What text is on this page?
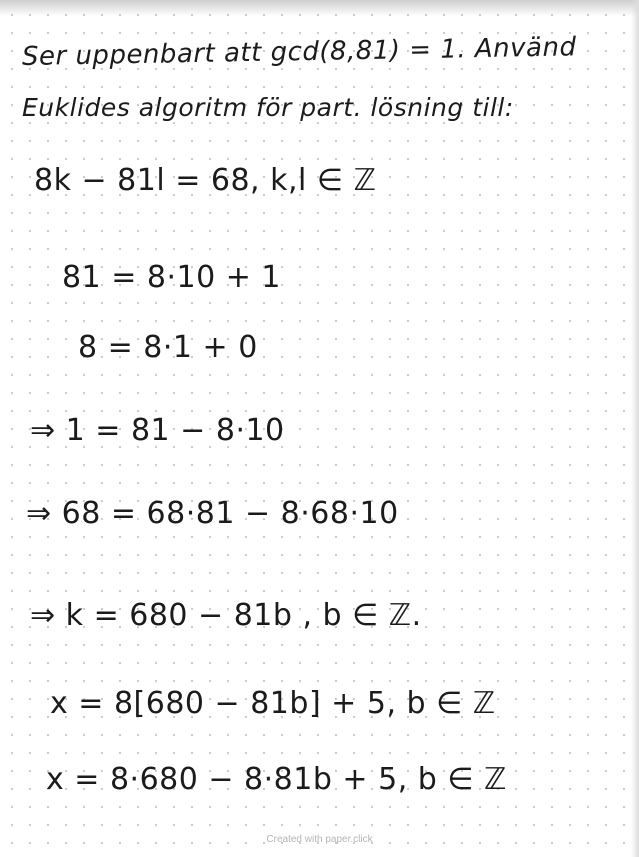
Ser uppenbart att gcd(8,81) = 1. Använd
Euklides algoritm för part. lösning till:
8k − 81l = 68, k,l ∈ ℤ
81 = 8·10 + 1
8 = 8·1 + 0
⇒ 1 = 81 − 8·10
⇒ 68 = 68·81 − 8·68·10
⇒ k = 680 − 81b , b ∈ ℤ.
x = 8[680 − 81b] + 5, b ∈ ℤ
x = 8·680 − 8·81b + 5, b ∈ ℤ
Created with paper.click
